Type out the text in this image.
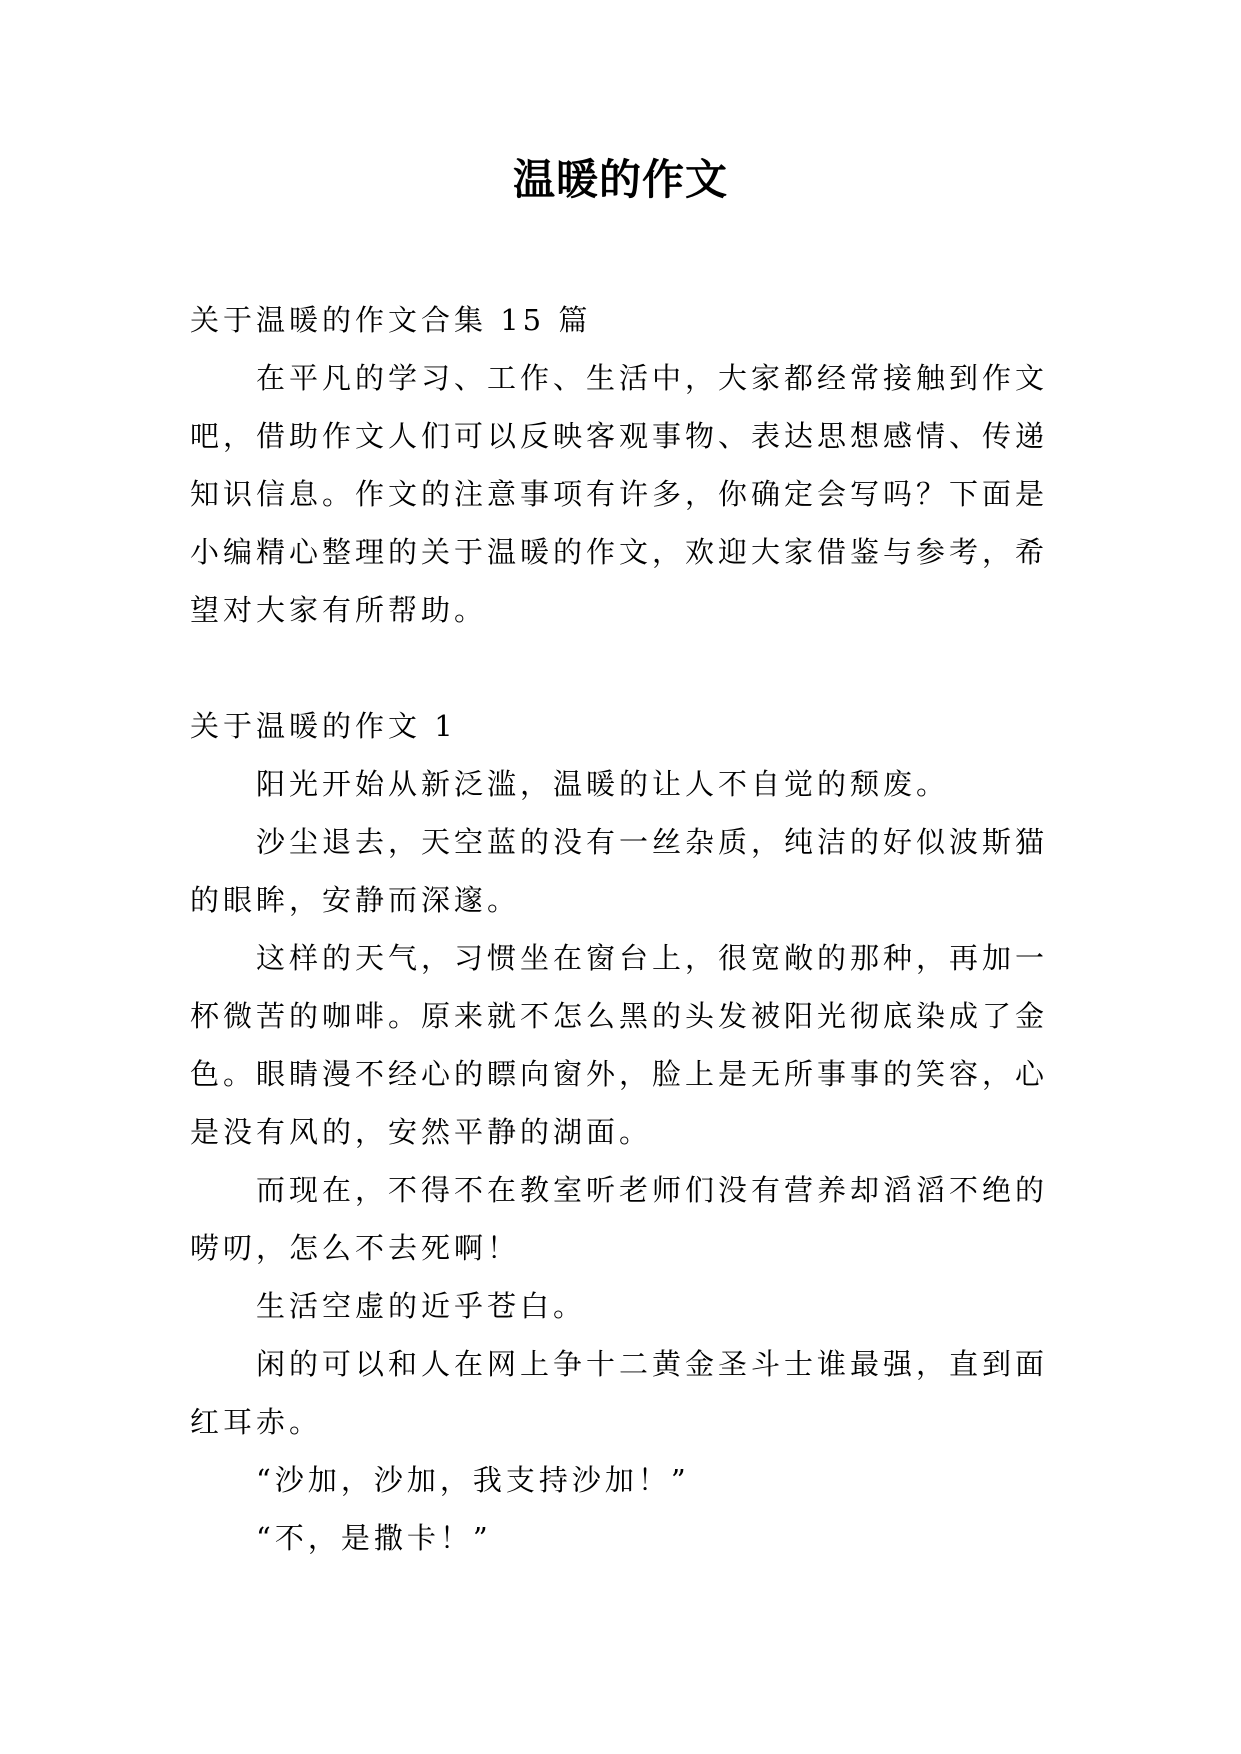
温暖的作文

关于温暖的作文合集 15 篇

在平凡的学习、工作、生活中，大家都经常接触到作文吧，借助作文人们可以反映客观事物、表达思想感情、传递知识信息。作文的注意事项有许多，你确定会写吗？下面是小编精心整理的关于温暖的作文，欢迎大家借鉴与参考，希望对大家有所帮助。

关于温暖的作文 1

阳光开始从新泛滥，温暖的让人不自觉的颓废。

沙尘退去，天空蓝的没有一丝杂质，纯洁的好似波斯猫的眼眸，安静而深邃。

这样的天气，习惯坐在窗台上，很宽敞的那种，再加一杯微苦的咖啡。原来就不怎么黑的头发被阳光彻底染成了金色。眼睛漫不经心的瞟向窗外，脸上是无所事事的笑容，心是没有风的，安然平静的湖面。

而现在，不得不在教室听老师们没有营养却滔滔不绝的唠叨，怎么不去死啊！

生活空虚的近乎苍白。

闲的可以和人在网上争十二黄金圣斗士谁最强，直到面红耳赤。

“沙加，沙加，我支持沙加！”

“不，是撒卡！”
